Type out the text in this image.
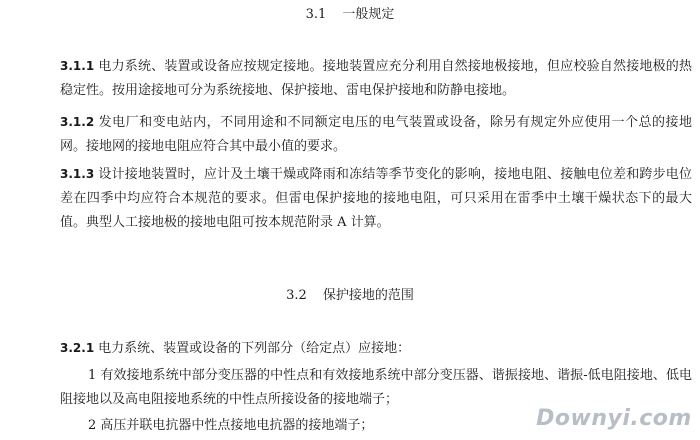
3.1 一般规定
3.1.1 电力系统、装置或设备应按规定接地。接地装置应充分利用自然接地极接地，但应校验自然接地极的热稳定性。按用途接地可分为系统接地、保护接地、雷电保护接地和防静电接地。
3.1.2 发电厂和变电站内，不同用途和不同额定电压的电气装置或设备，除另有规定外应使用一个总的接地网。接地网的接地电阻应符合其中最小值的要求。
3.1.3 设计接地装置时，应计及土壤干燥或降雨和冻结等季节变化的影响，接地电阻、接触电位差和跨步电位差在四季中均应符合本规范的要求。但雷电保护接地的接地电阻，可只采用在雷季中土壤干燥状态下的最大值。典型人工接地极的接地电阻可按本规范附录 A 计算。
3.2 保护接地的范围
3.2.1 电力系统、装置或设备的下列部分（给定点）应接地：
1 有效接地系统中部分变压器的中性点和有效接地系统中部分变压器、谐振接地、谐振-低电阻接地、低电阻接地以及高电阻接地系统的中性点所接设备的接地端子；
2 高压并联电抗器中性点接地电抗器的接地端子；	Downyi.com
